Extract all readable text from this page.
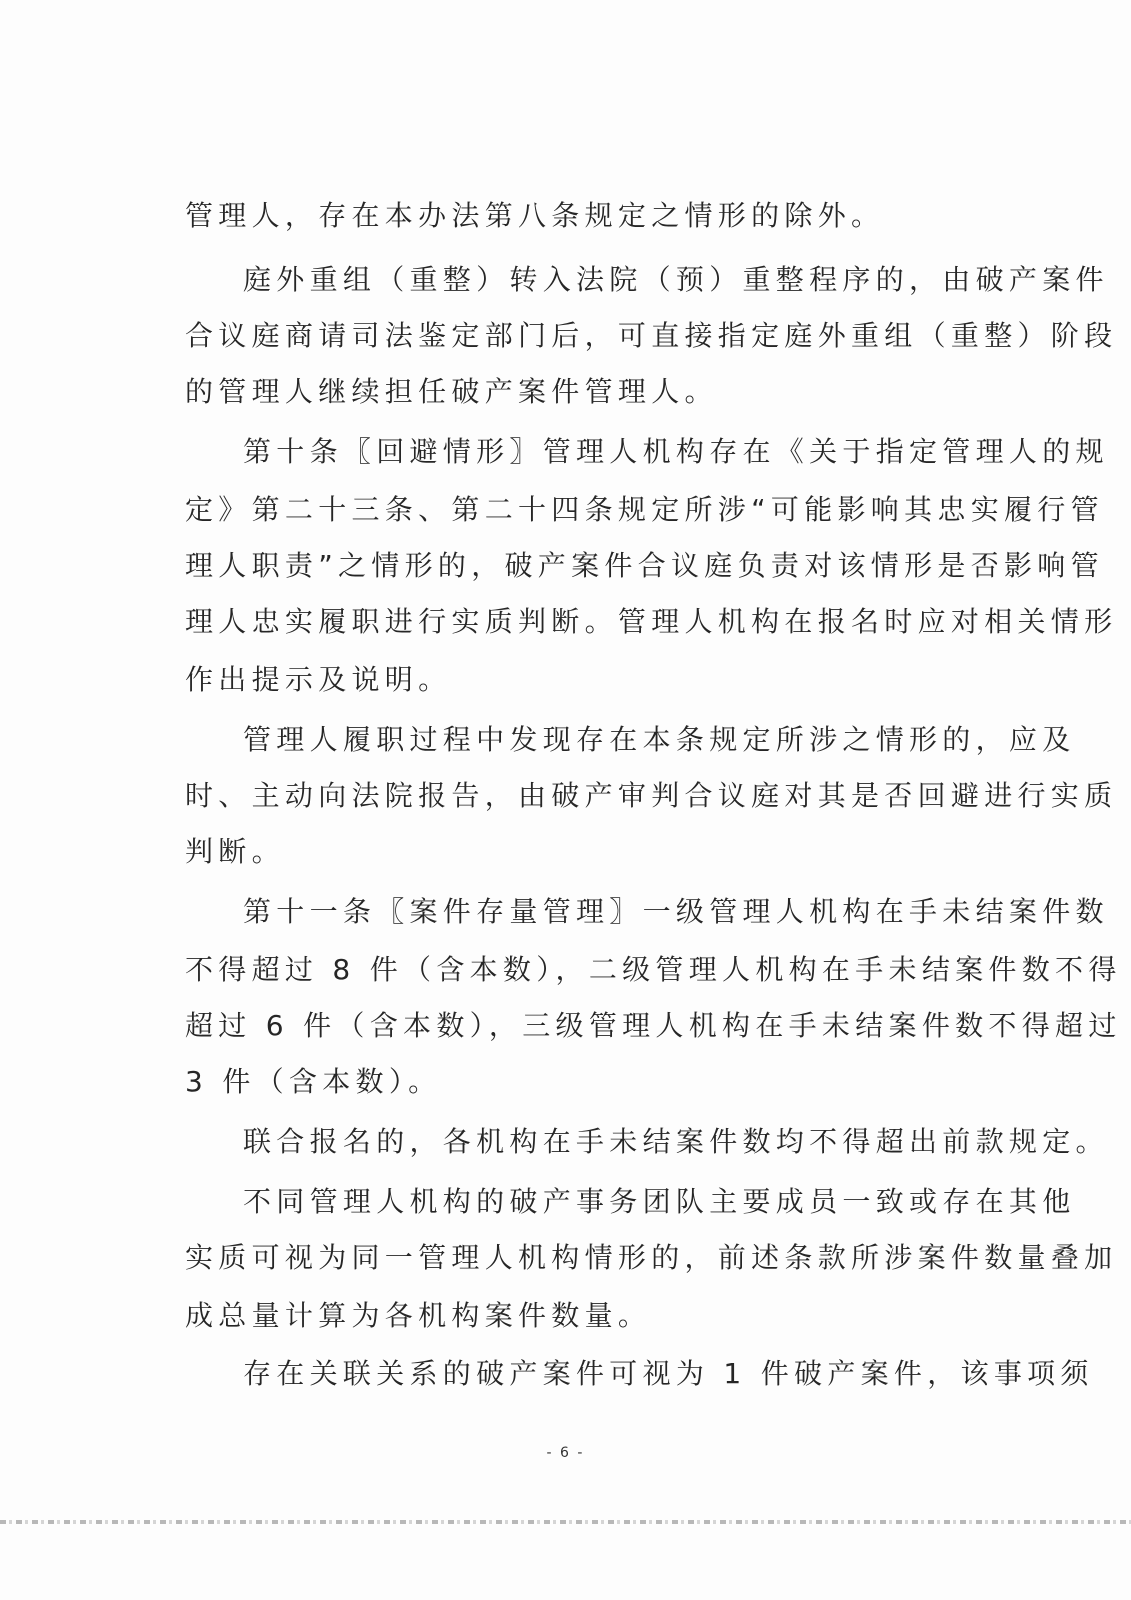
管理人，存在本办法第八条规定之情形的除外。
庭外重组（重整）转入法院（预）重整程序的，由破产案件
合议庭商请司法鉴定部门后，可直接指定庭外重组（重整）阶段
的管理人继续担任破产案件管理人。
第十条〖回避情形〗管理人机构存在《关于指定管理人的规
定》第二十三条、第二十四条规定所涉“可能影响其忠实履行管
理人职责”之情形的，破产案件合议庭负责对该情形是否影响管
理人忠实履职进行实质判断。管理人机构在报名时应对相关情形
作出提示及说明。
管理人履职过程中发现存在本条规定所涉之情形的，应及
时、主动向法院报告，由破产审判合议庭对其是否回避进行实质
判断。
第十一条〖案件存量管理〗一级管理人机构在手未结案件数
不得超过 8 件（含本数），二级管理人机构在手未结案件数不得
超过 6 件（含本数），三级管理人机构在手未结案件数不得超过
3 件（含本数）。
联合报名的，各机构在手未结案件数均不得超出前款规定。
不同管理人机构的破产事务团队主要成员一致或存在其他
实质可视为同一管理人机构情形的，前述条款所涉案件数量叠加
成总量计算为各机构案件数量。
存在关联关系的破产案件可视为 1 件破产案件，该事项须
- 6 -
